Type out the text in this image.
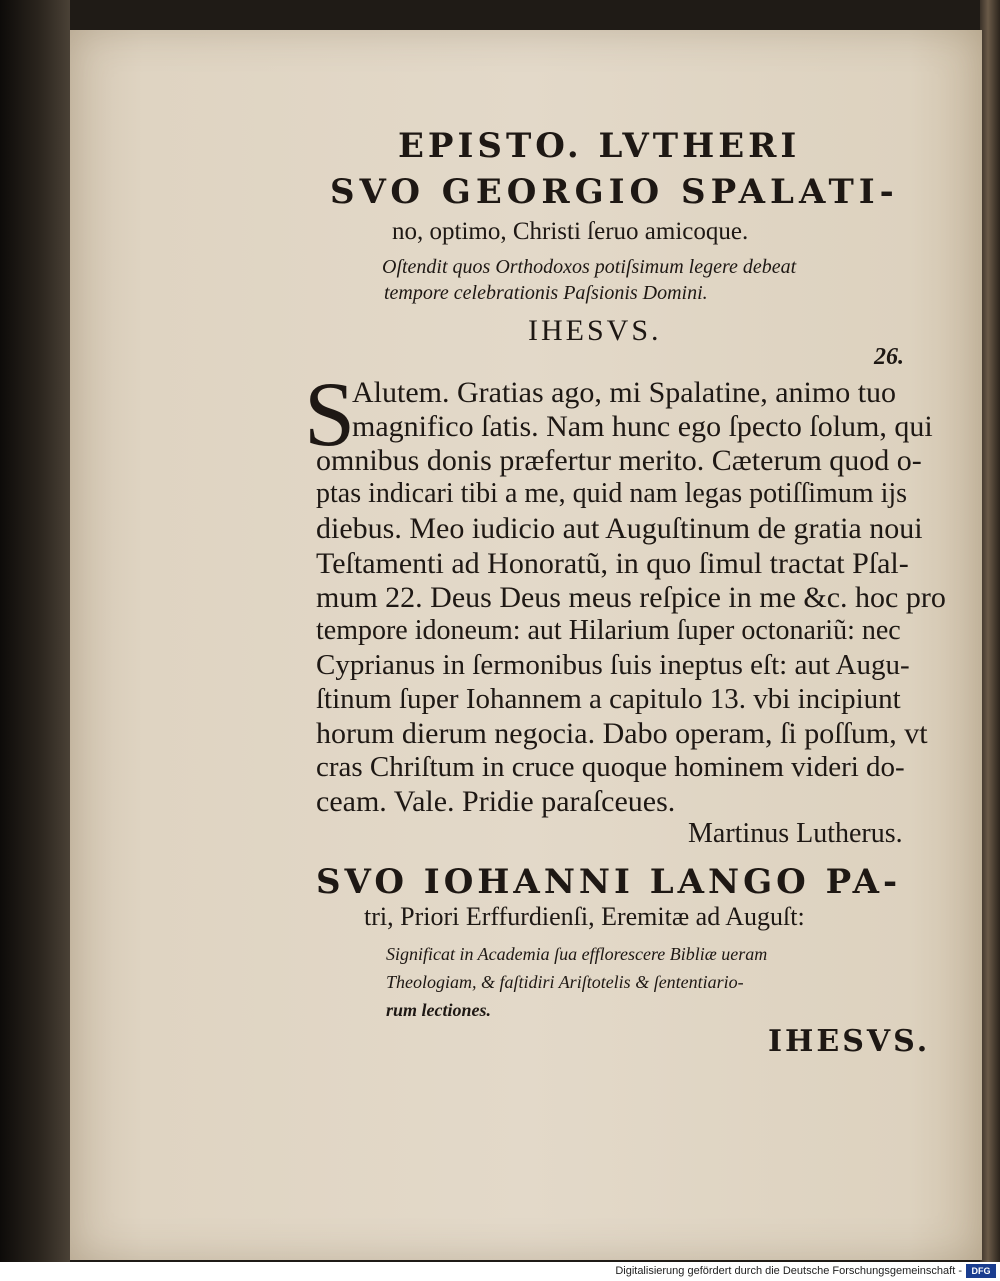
EPISTO. LVTHERI
SVO GEORGIO SPALATI-
no, optimo, Christi ſeruo amicoque.
Oſtendit quos Orthodoxos potiſsimum legere debeat
tempore celebrationis Paſsionis Domini.
IHESVS.
26.
S
Alutem. Gratias ago, mi Spalatine, animo tuo
magnifico ſatis. Nam hunc ego ſpecto ſolum, qui
omnibus donis præfertur merito. Cæterum quod o-
ptas indicari tibi a me, quid nam legas potiſſimum ijs
diebus. Meo iudicio aut Auguſtinum de gratia noui
Teſtamenti ad Honoratũ, in quo ſimul tractat Pſal-
mum 22. Deus Deus meus reſpice in me &c. hoc pro
tempore idoneum: aut Hilarium ſuper octonariũ: nec
Cyprianus in ſermonibus ſuis ineptus eſt: aut Augu-
ſtinum ſuper Iohannem a capitulo 13. vbi incipiunt
horum dierum negocia. Dabo operam, ſi poſſum, vt
cras Chriſtum in cruce quoque hominem videri do-
ceam. Vale. Pridie paraſceues.
Martinus Lutherus.
SVO IOHANNI LANGO PA-
tri, Priori Erffurdienſi, Eremitæ ad Auguſt:
Significat in Academia ſua efflorescere Bibliæ ueram
Theologiam, & faſtidiri Ariſtotelis & ſententiario-
rum lectiones.
IHESVS.
Digitalisierung gefördert durch die Deutsche Forschungsgemeinschaft -	DFG
